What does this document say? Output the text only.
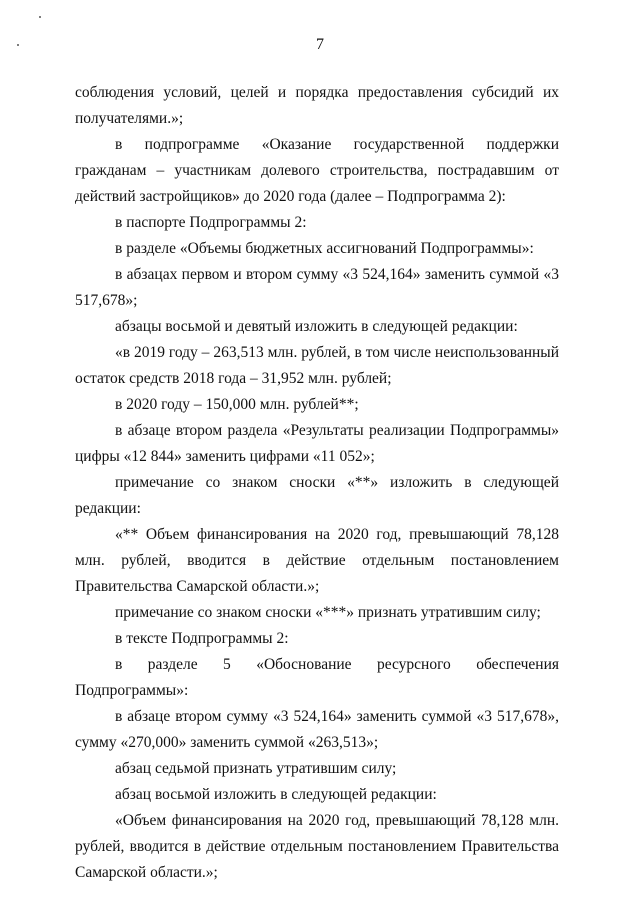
7

соблюдения условий, целей и порядка предоставления субсидий их получателями.»;

в подпрограмме «Оказание государственной поддержки гражданам – участникам долевого строительства, пострадавшим от действий застройщиков» до 2020 года (далее – Подпрограмма 2):

в паспорте Подпрограммы 2:

в разделе «Объемы бюджетных ассигнований Подпрограммы»:

в абзацах первом и втором сумму «3 524,164» заменить суммой «3 517,678»;

абзацы восьмой и девятый изложить в следующей редакции:

«в 2019 году – 263,513 млн. рублей, в том числе неиспользованный остаток средств 2018 года – 31,952 млн. рублей;

в 2020 году – 150,000 млн. рублей**;

в абзаце втором раздела «Результаты реализации Подпрограммы» цифры «12 844» заменить цифрами «11 052»;

примечание со знаком сноски «**» изложить в следующей редакции:

«** Объем финансирования на 2020 год, превышающий 78,128 млн. рублей, вводится в действие отдельным постановлением Правительства Самарской области.»;

примечание со знаком сноски «***» признать утратившим силу;

в тексте Подпрограммы 2:

в разделе 5 «Обоснование ресурсного обеспечения Подпрограммы»:

в абзаце втором сумму «3 524,164» заменить суммой «3 517,678», сумму «270,000» заменить суммой «263,513»;

абзац седьмой признать утратившим силу;

абзац восьмой изложить в следующей редакции:

«Объем финансирования на 2020 год, превышающий 78,128 млн. рублей, вводится в действие отдельным постановлением Правительства Самарской области.»;
